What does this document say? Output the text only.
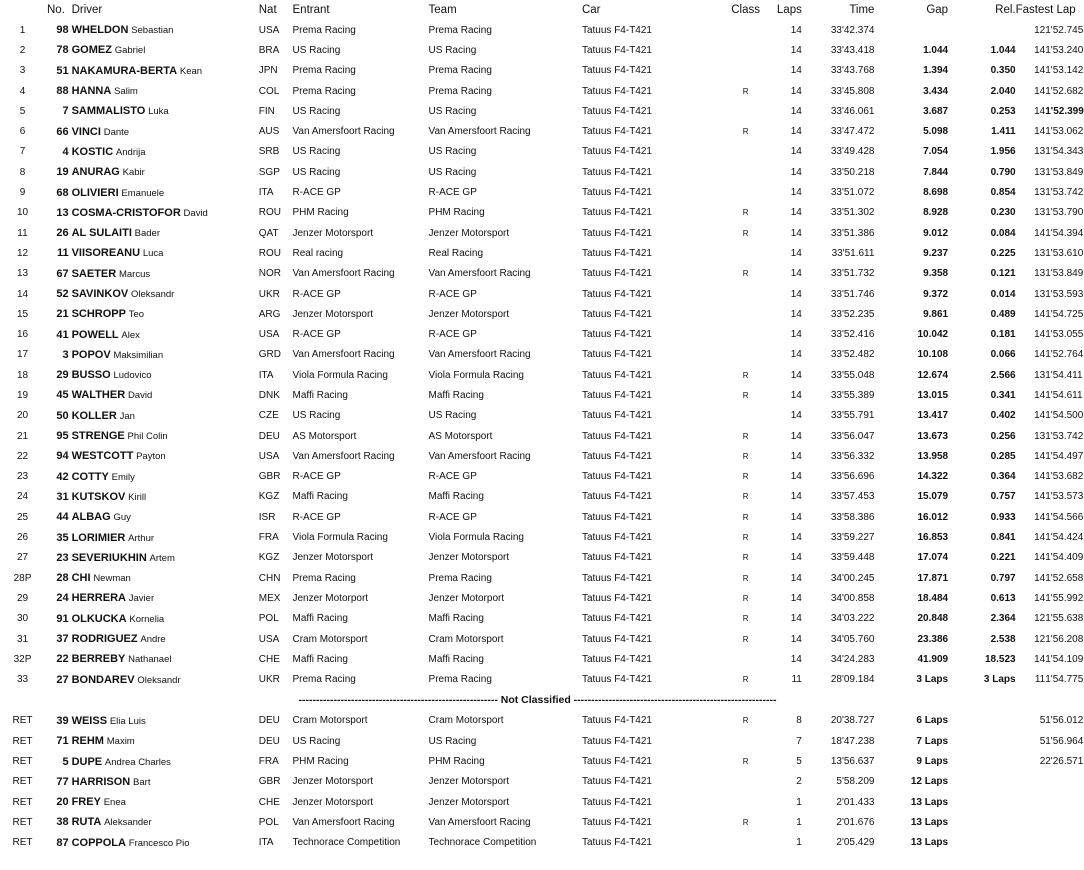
	No.	Driver	Nat	Entrant	Team	Car	Class	Laps	Time	Gap	Rel.	Fastest Lap	
1	98	WHELDON Sebastian	USA	Prema Racing	Prema Racing	Tatuus F4-T421		14	33'42.374			12	1'52.745
2	78	GOMEZ Gabriel	BRA	US Racing	US Racing	Tatuus F4-T421		14	33'43.418	1.044	1.044	14	1'53.240
3	51	NAKAMURA-BERTA Kean	JPN	Prema Racing	Prema Racing	Tatuus F4-T421		14	33'43.768	1.394	0.350	14	1'53.142
4	88	HANNA Salim	COL	Prema Racing	Prema Racing	Tatuus F4-T421	R	14	33'45.808	3.434	2.040	14	1'52.682
5	7	SAMMALISTO Luka	FIN	US Racing	US Racing	Tatuus F4-T421		14	33'46.061	3.687	0.253	14	1'52.399
6	66	VINCI Dante	AUS	Van Amersfoort Racing	Van Amersfoort Racing	Tatuus F4-T421	R	14	33'47.472	5.098	1.411	14	1'53.062
7	4	KOSTIC Andrija	SRB	US Racing	US Racing	Tatuus F4-T421		14	33'49.428	7.054	1.956	13	1'54.343
8	19	ANURAG Kabir	SGP	US Racing	US Racing	Tatuus F4-T421		14	33'50.218	7.844	0.790	13	1'53.849
9	68	OLIVIERI Emanuele	ITA	R-ACE GP	R-ACE GP	Tatuus F4-T421		14	33'51.072	8.698	0.854	13	1'53.742
10	13	COSMA-CRISTOFOR David	ROU	PHM Racing	PHM Racing	Tatuus F4-T421	R	14	33'51.302	8.928	0.230	13	1'53.790
11	26	AL SULAITI Bader	QAT	Jenzer Motorsport	Jenzer Motorsport	Tatuus F4-T421	R	14	33'51.386	9.012	0.084	14	1'54.394
12	11	VIISOREANU Luca	ROU	Real racing	Real Racing	Tatuus F4-T421		14	33'51.611	9.237	0.225	13	1'53.610
13	67	SAETER Marcus	NOR	Van Amersfoort Racing	Van Amersfoort Racing	Tatuus F4-T421	R	14	33'51.732	9.358	0.121	13	1'53.849
14	52	SAVINKOV Oleksandr	UKR	R-ACE GP	R-ACE GP	Tatuus F4-T421		14	33'51.746	9.372	0.014	13	1'53.593
15	21	SCHROPP Teo	ARG	Jenzer Motorsport	Jenzer Motorsport	Tatuus F4-T421		14	33'52.235	9.861	0.489	14	1'54.725
16	41	POWELL Alex	USA	R-ACE GP	R-ACE GP	Tatuus F4-T421		14	33'52.416	10.042	0.181	14	1'53.055
17	3	POPOV Maksimilian	GRD	Van Amersfoort Racing	Van Amersfoort Racing	Tatuus F4-T421		14	33'52.482	10.108	0.066	14	1'52.764
18	29	BUSSO Ludovico	ITA	Viola Formula Racing	Viola Formula Racing	Tatuus F4-T421	R	14	33'55.048	12.674	2.566	13	1'54.411
19	45	WALTHER David	DNK	Maffi Racing	Maffi Racing	Tatuus F4-T421	R	14	33'55.389	13.015	0.341	14	1'54.611
20	50	KOLLER Jan	CZE	US Racing	US Racing	Tatuus F4-T421		14	33'55.791	13.417	0.402	14	1'54.500
21	95	STRENGE Phil Colin	DEU	AS Motorsport	AS Motorsport	Tatuus F4-T421	R	14	33'56.047	13.673	0.256	13	1'53.742
22	94	WESTCOTT Payton	USA	Van Amersfoort Racing	Van Amersfoort Racing	Tatuus F4-T421	R	14	33'56.332	13.958	0.285	14	1'54.497
23	42	COTTY Emily	GBR	R-ACE GP	R-ACE GP	Tatuus F4-T421	R	14	33'56.696	14.322	0.364	14	1'53.682
24	31	KUTSKOV Kirill	KGZ	Maffi Racing	Maffi Racing	Tatuus F4-T421	R	14	33'57.453	15.079	0.757	14	1'53.573
25	44	ALBAG Guy	ISR	R-ACE GP	R-ACE GP	Tatuus F4-T421	R	14	33'58.386	16.012	0.933	14	1'54.566
26	35	LORIMIER Arthur	FRA	Viola Formula Racing	Viola Formula Racing	Tatuus F4-T421	R	14	33'59.227	16.853	0.841	14	1'54.424
27	23	SEVERIUKHIN Artem	KGZ	Jenzer Motorsport	Jenzer Motorsport	Tatuus F4-T421	R	14	33'59.448	17.074	0.221	14	1'54.409
28P	28	CHI Newman	CHN	Prema Racing	Prema Racing	Tatuus F4-T421	R	14	34'00.245	17.871	0.797	14	1'52.658
29	24	HERRERA Javier	MEX	Jenzer Motorport	Jenzer Motorport	Tatuus F4-T421	R	14	34'00.858	18.484	0.613	14	1'55.992
30	91	OLKUCKA Kornelia	POL	Maffi Racing	Maffi Racing	Tatuus F4-T421	R	14	34'03.222	20.848	2.364	12	1'55.638
31	37	RODRIGUEZ Andre	USA	Cram Motorsport	Cram Motorsport	Tatuus F4-T421	R	14	34'05.760	23.386	2.538	12	1'56.208
32P	22	BERREBY Nathanael	CHE	Maffi Racing	Maffi Racing	Tatuus F4-T421		14	34'24.283	41.909	18.523	14	1'54.109
33	27	BONDAREV Oleksandr	UKR	Prema Racing	Prema Racing	Tatuus F4-T421	R	11	28'09.184	3 Laps	3 Laps	11	1'54.775
--------------------------------------------------------- Not Classified ----------------------------------------------------------													
RET	39	WEISS Elia Luis	DEU	Cram Motorsport	Cram Motorsport	Tatuus F4-T421	R	8	20'38.727	6 Laps		5	1'56.012
RET	71	REHM Maxim	DEU	US Racing	US Racing	Tatuus F4-T421		7	18'47.238	7 Laps		5	1'56.964
RET	5	DUPE Andrea Charles	FRA	PHM Racing	PHM Racing	Tatuus F4-T421	R	5	13'56.637	9 Laps		2	2'26.571
RET	77	HARRISON Bart	GBR	Jenzer Motorsport	Jenzer Motorsport	Tatuus F4-T421		2	5'58.209	12 Laps			
RET	20	FREY Enea	CHE	Jenzer Motorsport	Jenzer Motorsport	Tatuus F4-T421		1	2'01.433	13 Laps			
RET	38	RUTA Aleksander	POL	Van Amersfoort Racing	Van Amersfoort Racing	Tatuus F4-T421	R	1	2'01.676	13 Laps			
RET	87	COPPOLA Francesco Pio	ITA	Technorace Competition	Technorace Competition	Tatuus F4-T421		1	2'05.429	13 Laps			
